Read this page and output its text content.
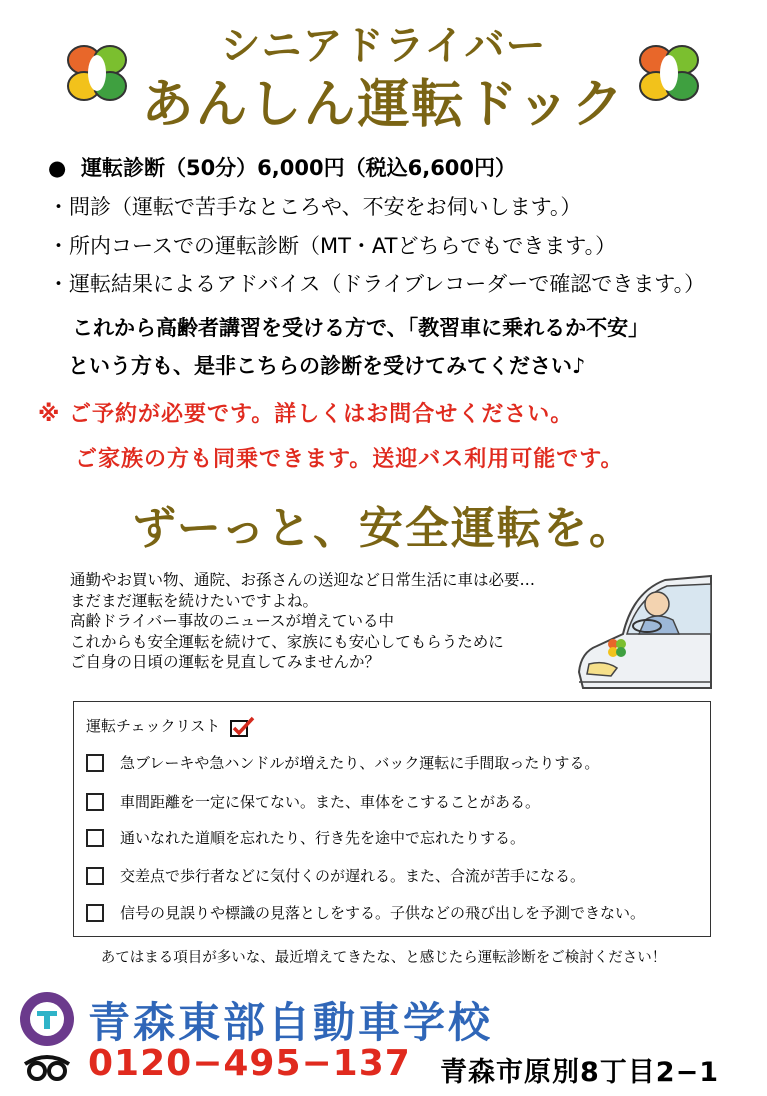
シニアドライバー
あんしん運転ドック
●  運転診断（50分）6,000円（税込6,600円）
・問診（運転で苦手なところや、不安をお伺いします。）
・所内コースでの運転診断（MT・ATどちらでもできます。）
・運転結果によるアドバイス（ドライブレコーダーで確認できます。）
これから高齢者講習を受ける方で、「教習車に乗れるか不安」
という方も、是非こちらの診断を受けてみてください♪
※ ご予約が必要です。詳しくはお問合せください。
ご家族の方も同乗できます。送迎バス利用可能です。
ずーっと、安全運転を。
通勤やお買い物、通院、お孫さんの送迎など日常生活に車は必要…
まだまだ運転を続けたいですよね。
高齢ドライバー事故のニュースが増えている中
これからも安全運転を続けて、家族にも安心してもらうために
ご自身の日頃の運転を見直してみませんか？
運転チェックリスト
急ブレーキや急ハンドルが増えたり、バック運転に手間取ったりする。
車間距離を一定に保てない。また、車体をこすることがある。
通いなれた道順を忘れたり、行き先を途中で忘れたりする。
交差点で歩行者などに気付くのが遅れる。また、合流が苦手になる。
信号の見誤りや標識の見落としをする。子供などの飛び出しを予測できない。
あてはまる項目が多いな、最近増えてきたな、と感じたら運転診断をご検討ください！
青森東部自動車学校
0120−495−137 青森市原別8丁目2−1
